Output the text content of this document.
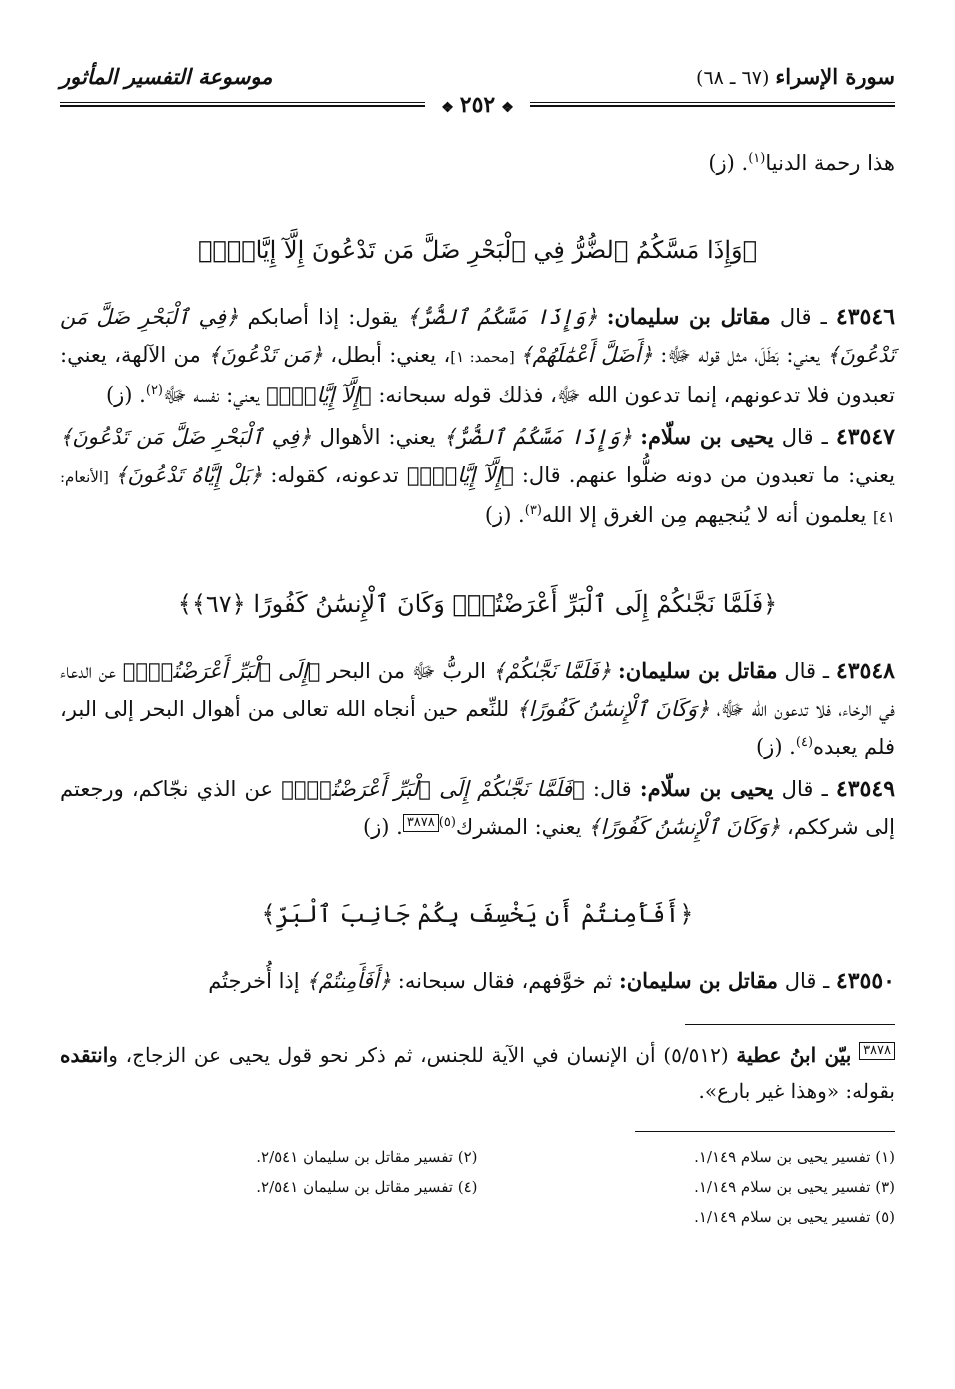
سورة الإسراء(٦٧ ـ ٦٨)
موسوعة التفسير المأثور
❖٢٥٢❖

هذا رحمة الدنيا$^{(١)}$. (ز)

﴿وَإِذَا مَسَّكُمُ ٱلضُّرُّ فِي ٱلْبَحْرِ ضَلَّ مَن تَدْعُونَ إِلَّآ إِيَّاهُۖ﴾

٤٣٥٤٦ ـ قال مقاتل بن سليمان: ﴿وَإِذَا مَسَّكُمُ ٱلضُّرُّ﴾ يقول: إذا أصابكم ﴿فِي ٱلْبَحْرِ ضَلَّ مَن تَدْعُونَ﴾ يعني: بَطَلَ، مثل قوله ﷻ: ﴿أَضَلَّ أَعْمَٰلَهُمْ﴾ [محمد: ١]، يعني: أبطل، ﴿مَن تَدْعُونَ﴾ من الآلهة، يعني: تعبدون فلا تدعونهم، إنما تدعون الله ﷻ، فذلك قوله سبحانه: ﴿إِلَّآ إِيَّاهُۖ﴾ يعني: نفسه ﷻ$^{(٢)}$. (ز)

٤٣٥٤٧ ـ قال يحيى بن سلّام: ﴿وَإِذَا مَسَّكُمُ ٱلضُّرُّ﴾ يعني: الأهوال ﴿فِي ٱلْبَحْرِ ضَلَّ مَن تَدْعُونَ﴾ يعني: ما تعبدون من دونه ضلُّوا عنهم. قال: ﴿إِلَّآ إِيَّاهُۖ﴾ تدعونه، كقوله: ﴿بَلْ إِيَّاهُ تَدْعُونَ﴾ [الأنعام: ٤١] يعلمون أنه لا يُنجيهم مِن الغرق إلا الله$^{(٣)}$. (ز)

﴿فَلَمَّا نَجَّىٰكُمْ إِلَى ٱلْبَرِّ أَعْرَضْتُمْۚ وَكَانَ ٱلْإِنسَٰنُ كَفُورًا ﴿٦٧﴾﴾

٤٣٥٤٨ ـ قال مقاتل بن سليمان: ﴿فَلَمَّا نَجَّىٰكُمْ﴾ الربُّ ﷻ من البحر ﴿إِلَى ٱلْبَرِّ أَعْرَضْتُمْۚ﴾ عن الدعاء في الرخاء، فلا تدعون الله ﷻ، ﴿وَكَانَ ٱلْإِنسَٰنُ كَفُورًا﴾ للنِّعم حين أنجاه الله تعالى من أهوال البحر إلى البر، فلم يعبده$^{(٤)}$. (ز)

٤٣٥٤٩ ـ قال يحيى بن سلّام: قال: ﴿فَلَمَّا نَجَّىٰكُمْ إِلَى ٱلْبَرِّ أَعْرَضْتُمْۚ﴾ عن الذي نجّاكم، ورجعتم إلى شرككم، ﴿وَكَانَ ٱلْإِنسَٰنُ كَفُورًا﴾ يعني: المشرك$^{(٥)}$٣٨٧٨. (ز)

﴿أَفَأَمِنتُمْ أَن يَخْسِفَ بِكُمْ جَانِبَ ٱلْبَرِّ﴾

٤٣٥٥٠ ـ قال مقاتل بن سليمان: ثم خوَّفهم، فقال سبحانه: ﴿أَفَأَمِنتُمْ﴾ إذا أُخرجتُم

٣٨٧٨ بيّن ابنُ عطية (٥/٥١٢) أن الإنسان في الآية للجنس، ثم ذكر نحو قول يحيى عن الزجاج، وانتقده بقوله: «وهذا غير بارع».

(١) تفسير يحيى بن سلام ١/١٤٩.
(٢) تفسير مقاتل بن سليمان ٢/٥٤١.
(٣) تفسير يحيى بن سلام ١/١٤٩.
(٤) تفسير مقاتل بن سليمان ٢/٥٤١.
(٥) تفسير يحيى بن سلام ١/١٤٩.
